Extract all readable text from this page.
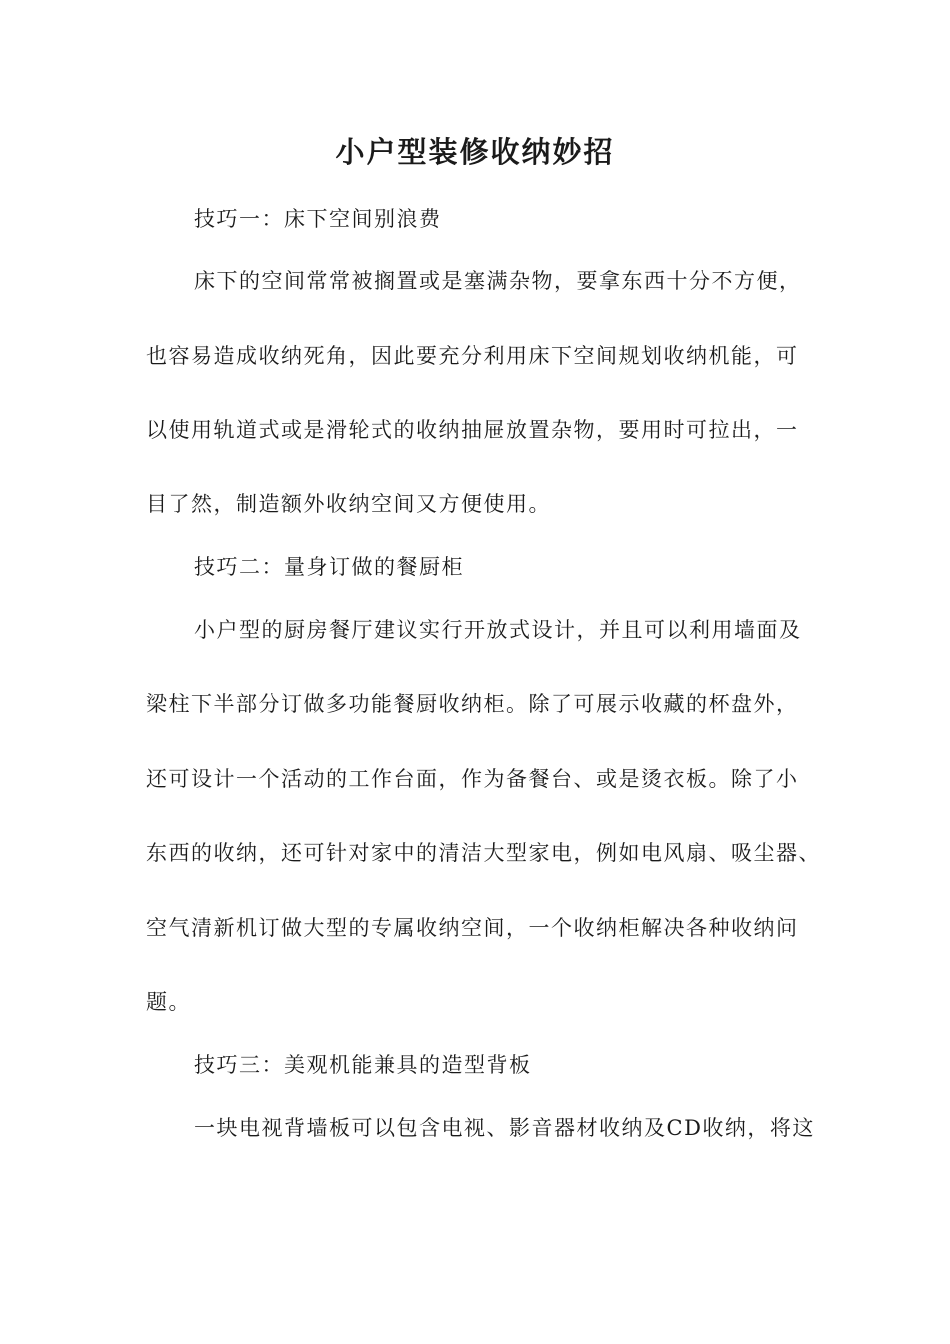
小户型装修收纳妙招

技巧一：床下空间别浪费

床下的空间常常被搁置或是塞满杂物，要拿东西十分不方便，

也容易造成收纳死角，因此要充分利用床下空间规划收纳机能，可

以使用轨道式或是滑轮式的收纳抽屉放置杂物，要用时可拉出，一

目了然，制造额外收纳空间又方便使用。

技巧二：量身订做的餐厨柜

小户型的厨房餐厅建议实行开放式设计，并且可以利用墙面及

梁柱下半部分订做多功能餐厨收纳柜。除了可展示收藏的杯盘外，

还可设计一个活动的工作台面，作为备餐台、或是烫衣板。除了小

东西的收纳，还可针对家中的清洁大型家电，例如电风扇、吸尘器、

空气清新机订做大型的专属收纳空间，一个收纳柜解决各种收纳问

题。

技巧三：美观机能兼具的造型背板

一块电视背墙板可以包含电视、影音器材收纳及CD收纳，将这
